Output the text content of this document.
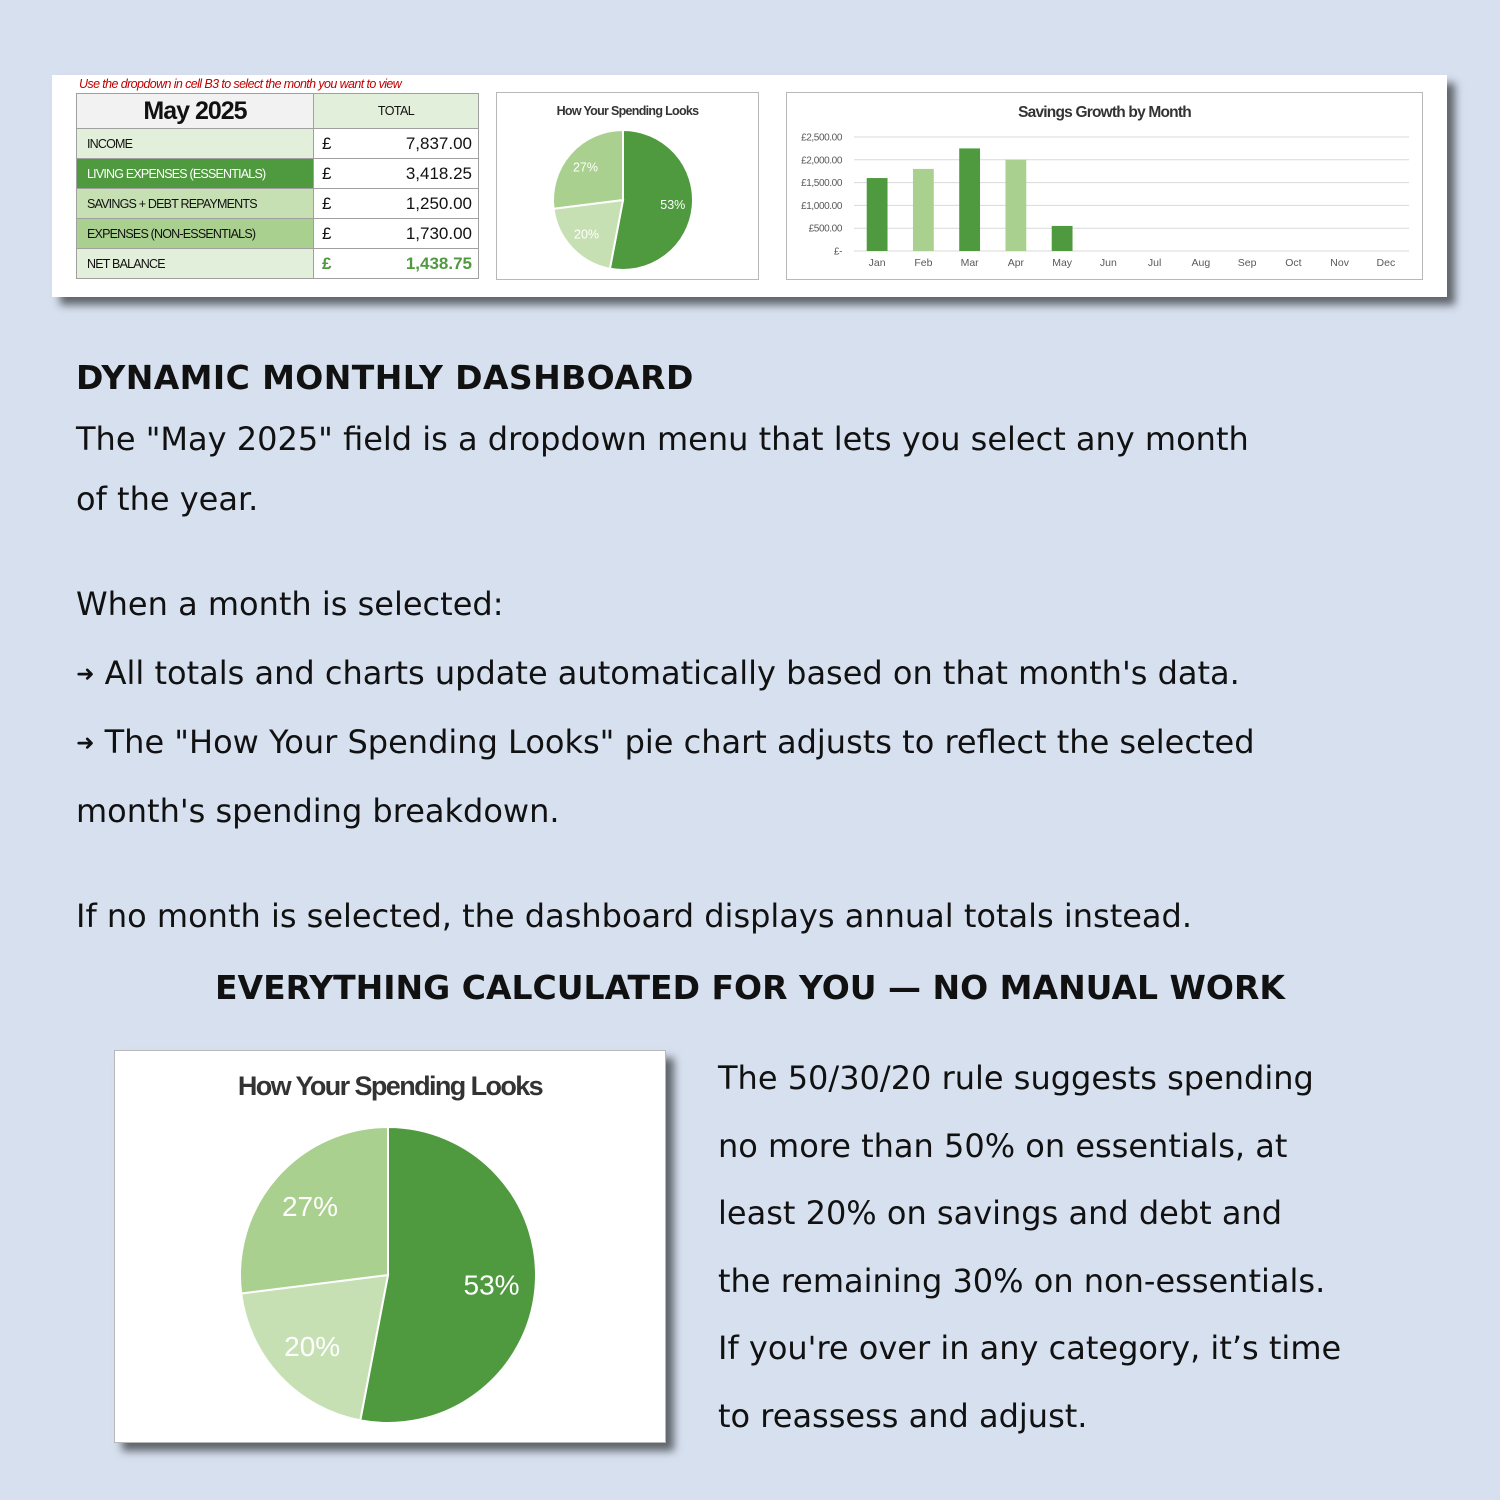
Use the dropdown in cell B3 to select the month you want to view
May 2025	TOTAL	
INCOME	£	7,837.00
LIVING EXPENSES (ESSENTIALS)	£	3,418.25
SAVINGS + DEBT REPAYMENTS	£	1,250.00
EXPENSES (NON-ESSENTIALS)	£	1,730.00
NET BALANCE	£	1,438.75
How Your Spending Looks
53%
20%
27%
Savings Growth by Month
£-
£500.00
£1,000.00
£1,500.00
£2,000.00
£2,500.00
Jan	Feb	Mar	Apr	May	Jun	Jul	Aug	Sep	Oct	Nov	Dec
DYNAMIC MONTHLY DASHBOARD
The "May 2025" field is a dropdown menu that lets you select any month
of the year.
When a month is selected:
➜ All totals and charts update automatically based on that month's data.
➜ The "How Your Spending Looks" pie chart adjusts to reflect the selected
month's spending breakdown.
If no month is selected, the dashboard displays annual totals instead.
EVERYTHING CALCULATED FOR YOU — NO MANUAL WORK
How Your Spending Looks
53%
20%
27%
The 50/30/20 rule suggests spending
no more than 50% on essentials, at
least 20% on savings and debt and
the remaining 30% on non-essentials.
If you're over in any category, it’s time
to reassess and adjust.
